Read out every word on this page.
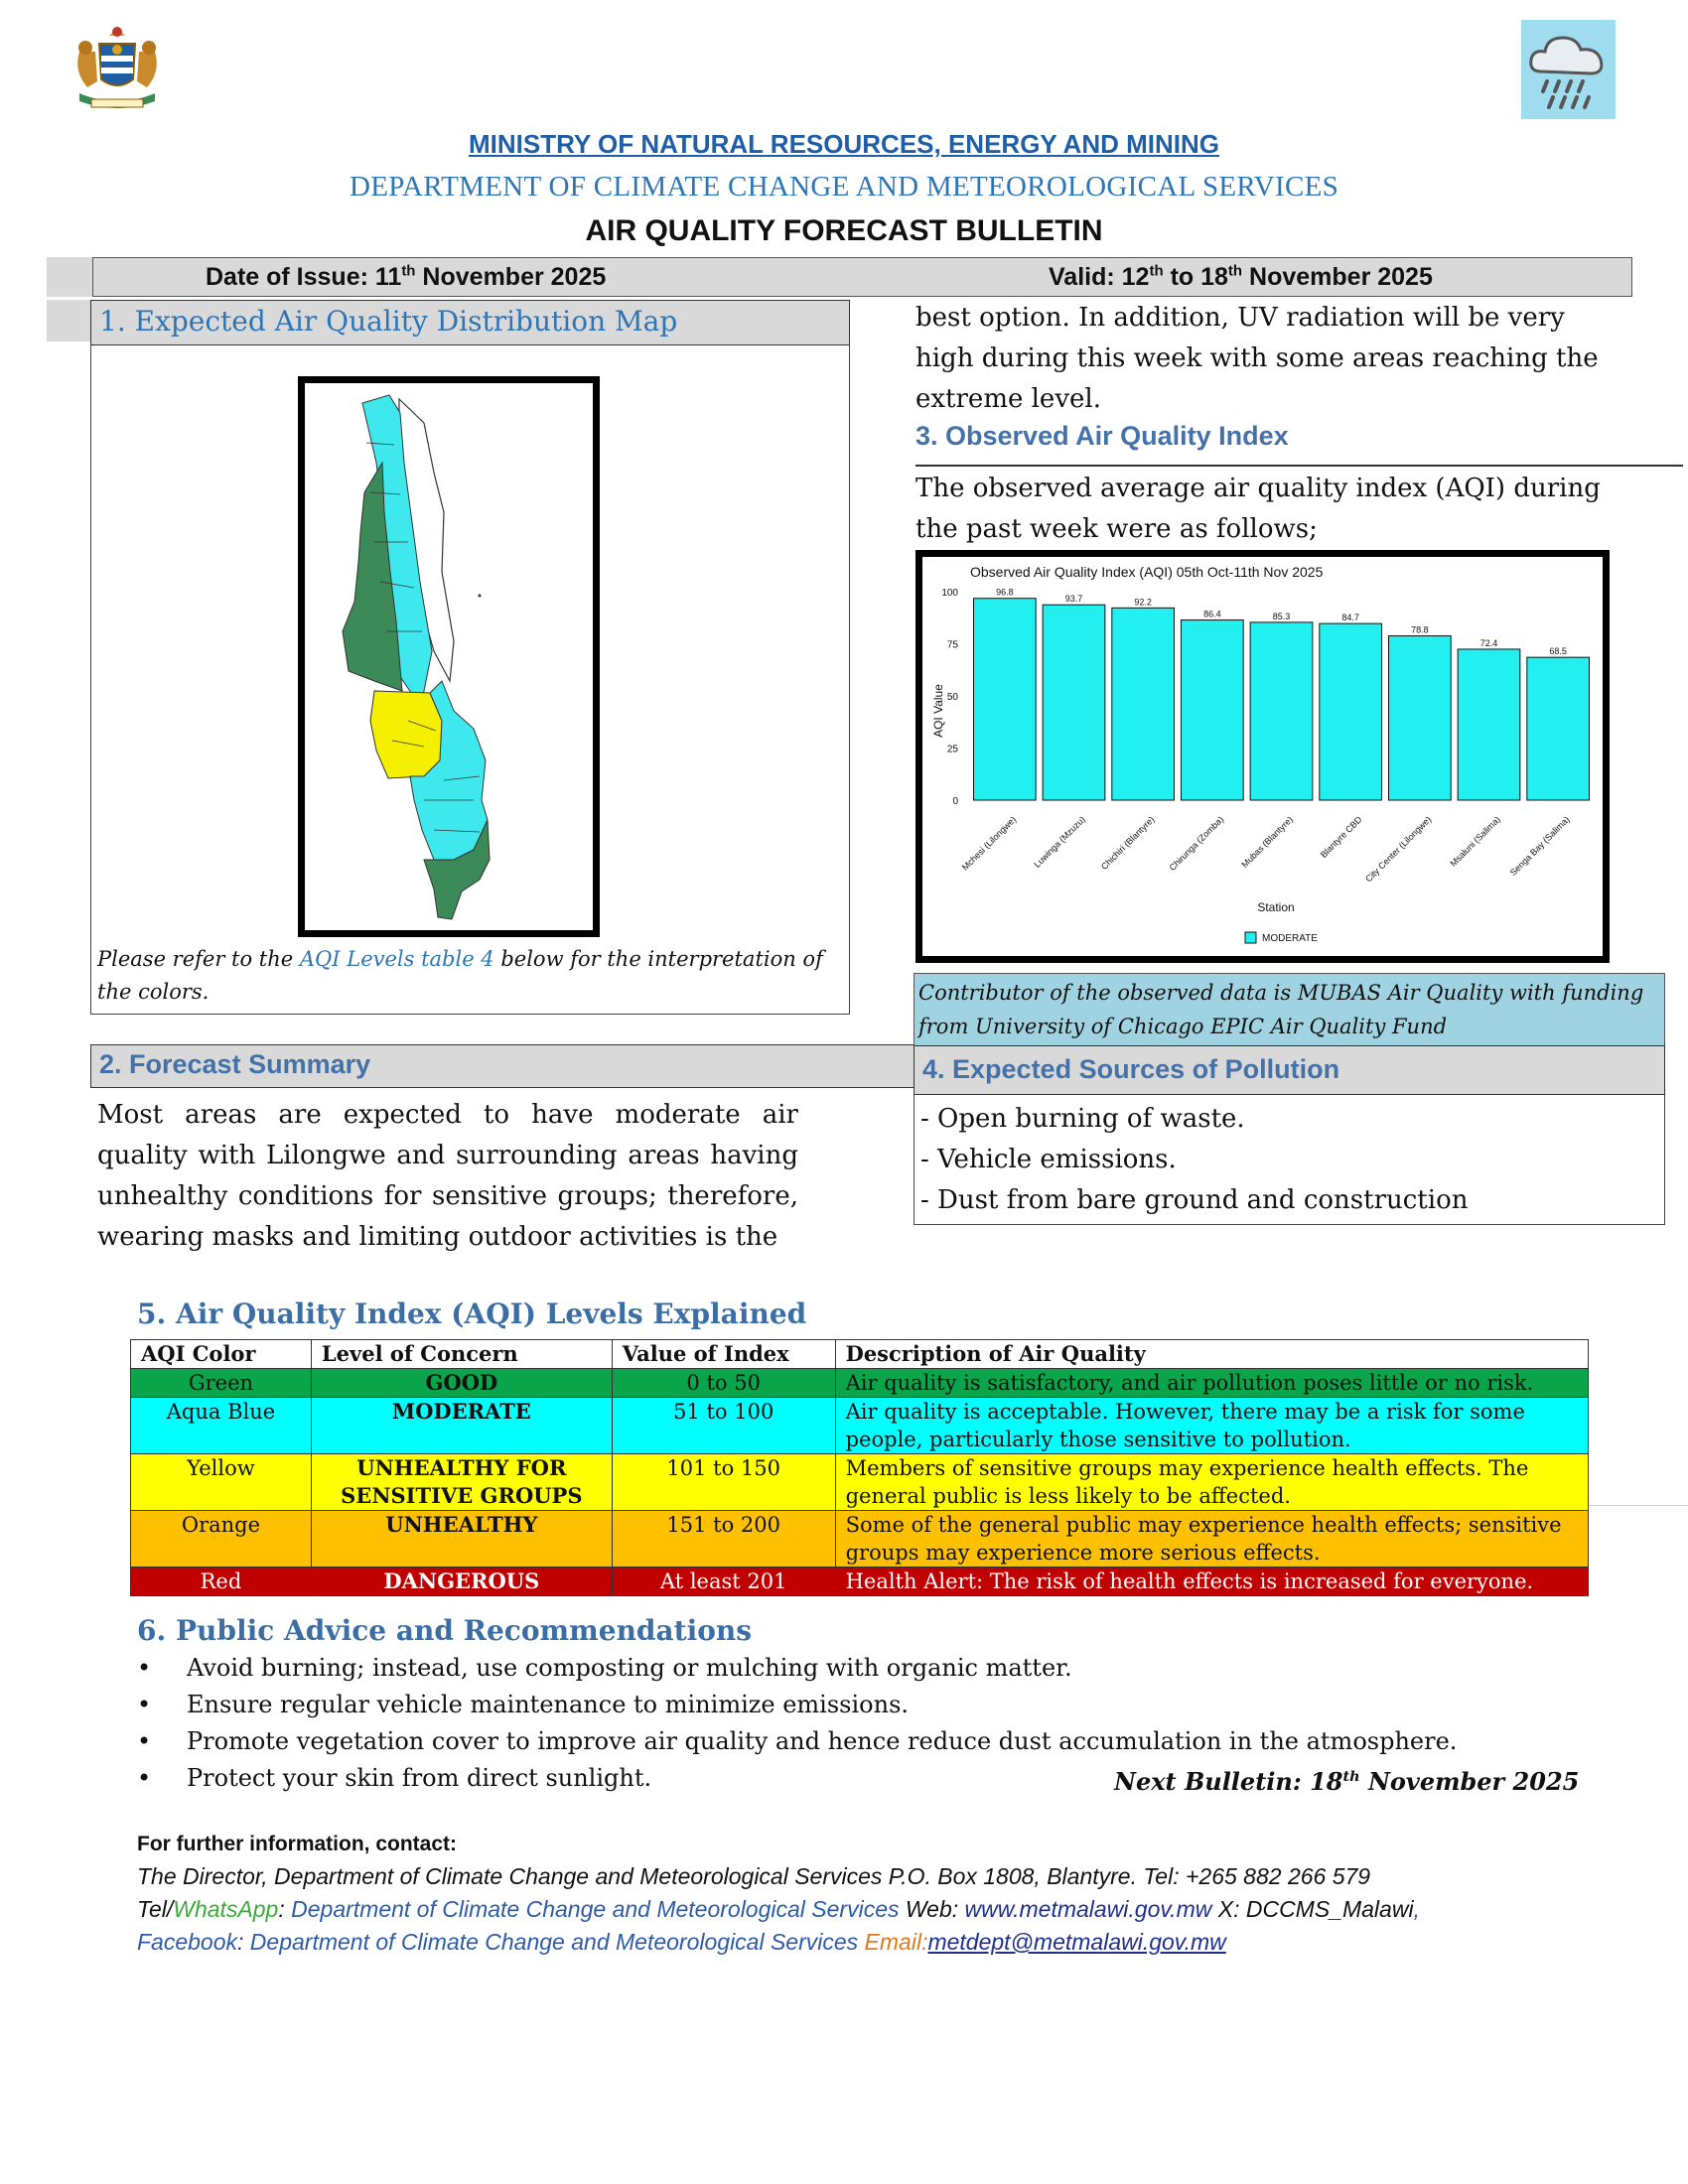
MINISTRY OF NATURAL RESOURCES, ENERGY AND MINING
DEPARTMENT OF CLIMATE CHANGE AND METEOROLOGICAL SERVICES
AIR QUALITY FORECAST BULLETIN
Date of Issue: 11th November 2025	Valid: 12th to 18th November 2025
1. Expected Air Quality Distribution Map
Please refer to the AQI Levels table 4 below for the interpretation of the colors.
2. Forecast Summary
Most areas are expected to have moderate air quality with Lilongwe and surrounding areas having unhealthy conditions for sensitive groups; therefore, wearing masks and limiting outdoor activities is the
best option. In addition, UV radiation will be very high during this week with some areas reaching the extreme level.
3. Observed Air Quality Index
The observed average air quality index (AQI) during the past week were as follows;
Observed Air Quality Index (AQI) 05th Oct-11th Nov 2025
AQI Value
Station
0
25
50
75
100	96.8
Mchesi (Lilongwe)
93.7
Luwinga (Mzuzu)
92.2
Chichiri (Blantyre)
86.4
Chirunga (Zomba)
85.3
Mubas (Blantyre)
84.7
Blantyre CBD
78.8
City Center (Lilongwe)
72.4
Msaluni (Salima)
68.5
Senga Bay (Salima)
MODERATE
Contributor of the observed data is MUBAS Air Quality with funding from University of Chicago EPIC Air Quality Fund
4. Expected Sources of Pollution
- Open burning of waste.
- Vehicle emissions.
- Dust from bare ground and construction
5. Air Quality Index (AQI) Levels Explained
AQI Color	Level of Concern	Value of Index	Description of Air Quality
Green	GOOD	0 to 50	Air quality is satisfactory, and air pollution poses little or no risk.
Aqua Blue	MODERATE	51 to 100	Air quality is acceptable. However, there may be a risk for some people, particularly those sensitive to pollution.
Yellow	UNHEALTHY FOR SENSITIVE GROUPS	101 to 150	Members of sensitive groups may experience health effects. The general public is less likely to be affected.
Orange	UNHEALTHY	151 to 200	Some of the general public may experience health effects; sensitive groups may experience more serious effects.
Red	DANGEROUS	At least 201	Health Alert: The risk of health effects is increased for everyone.
6. Public Advice and Recommendations
• Avoid burning; instead, use composting or mulching with organic matter.
• Ensure regular vehicle maintenance to minimize emissions.
• Promote vegetation cover to improve air quality and hence reduce dust accumulation in the atmosphere.
• Protect your skin from direct sunlight.	Next Bulletin: 18th November 2025
For further information, contact:
The Director, Department of Climate Change and Meteorological Services P.O. Box 1808, Blantyre. Tel: +265 882 266 579
Tel/WhatsApp: Department of Climate Change and Meteorological Services Web: www.metmalawi.gov.mw X: DCCMS_Malawi,
Facebook: Department of Climate Change and Meteorological Services Email:metdept@metmalawi.gov.mw
